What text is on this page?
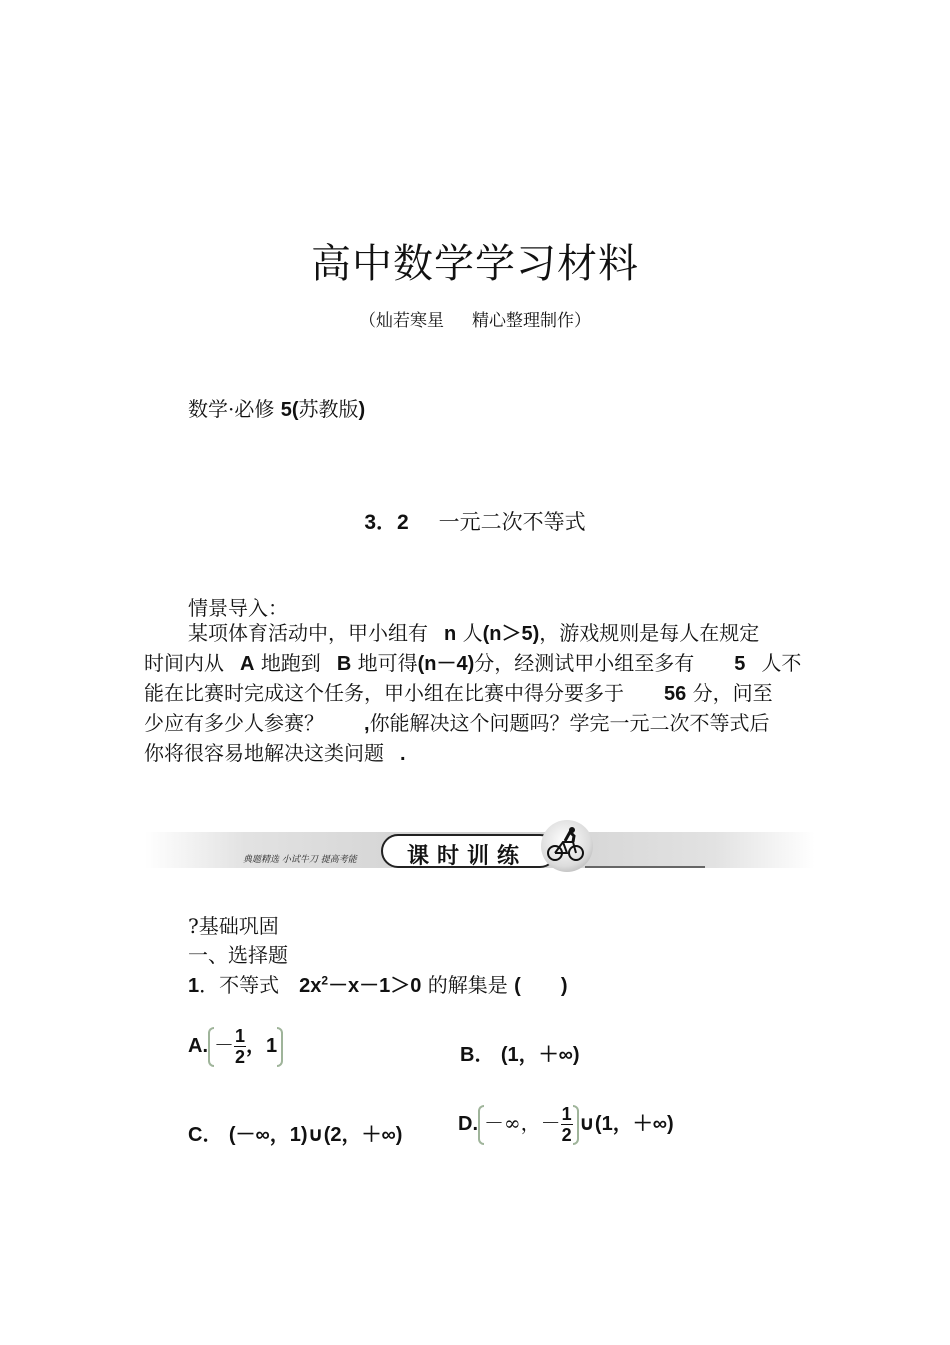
高中数学学习材料
（灿若寒星 精心整理制作）
数学·必修 5(苏教版)
3．2 一元二次不等式
情景导入：
某项体育活动中，甲小组有 n 人(n＞5)，游戏规则是每人在规定
时间内从 A 地跑到 B 地可得(n－4)分，经测试甲小组至多有 5 人不
能在比赛时完成这个任务，甲小组在比赛中得分要多于 56 分，问至
少应有多少人参赛？ ,你能解决这个问题吗？学完一元二次不等式后
你将很容易地解决这类问题 .
典题精选 小试牛刀 提高考能 课时训练
?基础巩固
一、选择题
1．不等式　 $2x^2-x-1>0$ 的解集是 (　　)
A. － $\frac{1}{2}$ ，1	B． (1，＋∞)
C． (－∞，1)∪(2，＋∞)	D. －∞，－ $\frac{1}{2}$ ∪(1，＋∞)
